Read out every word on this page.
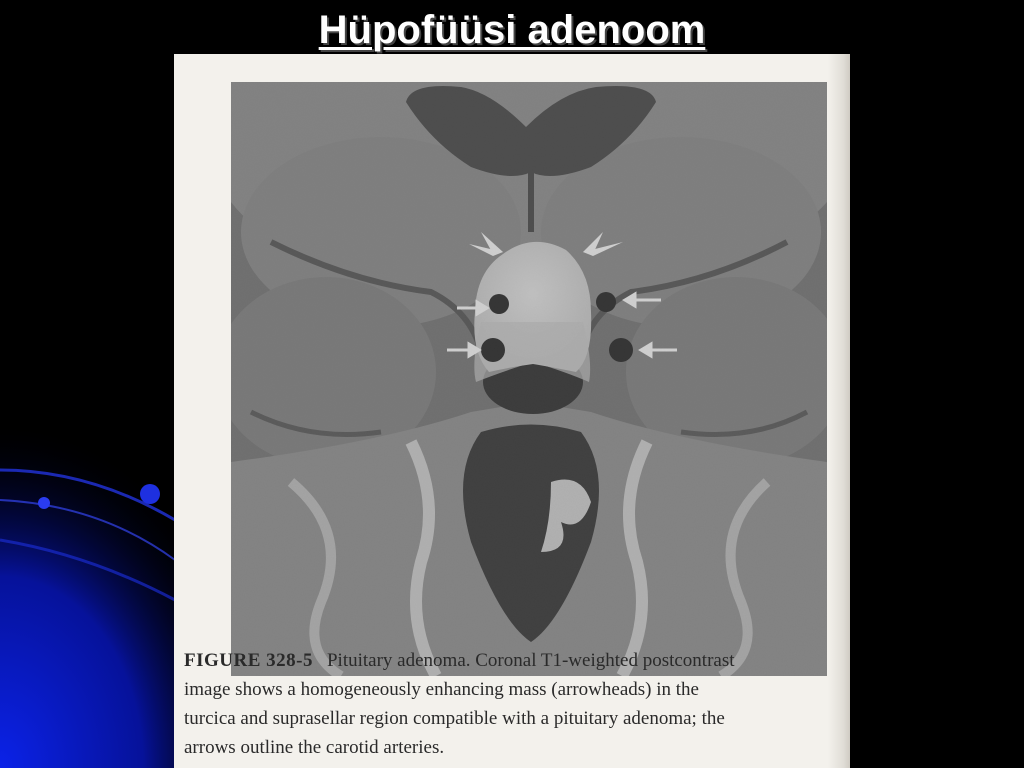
Hüpofüüsi adenoom
FIGURE 328-5 Pituitary adenoma. Coronal T1-weighted postcontrast
image shows a homogeneously enhancing mass (arrowheads) in the
turcica and suprasellar region compatible with a pituitary adenoma; the
arrows outline the carotid arteries.
